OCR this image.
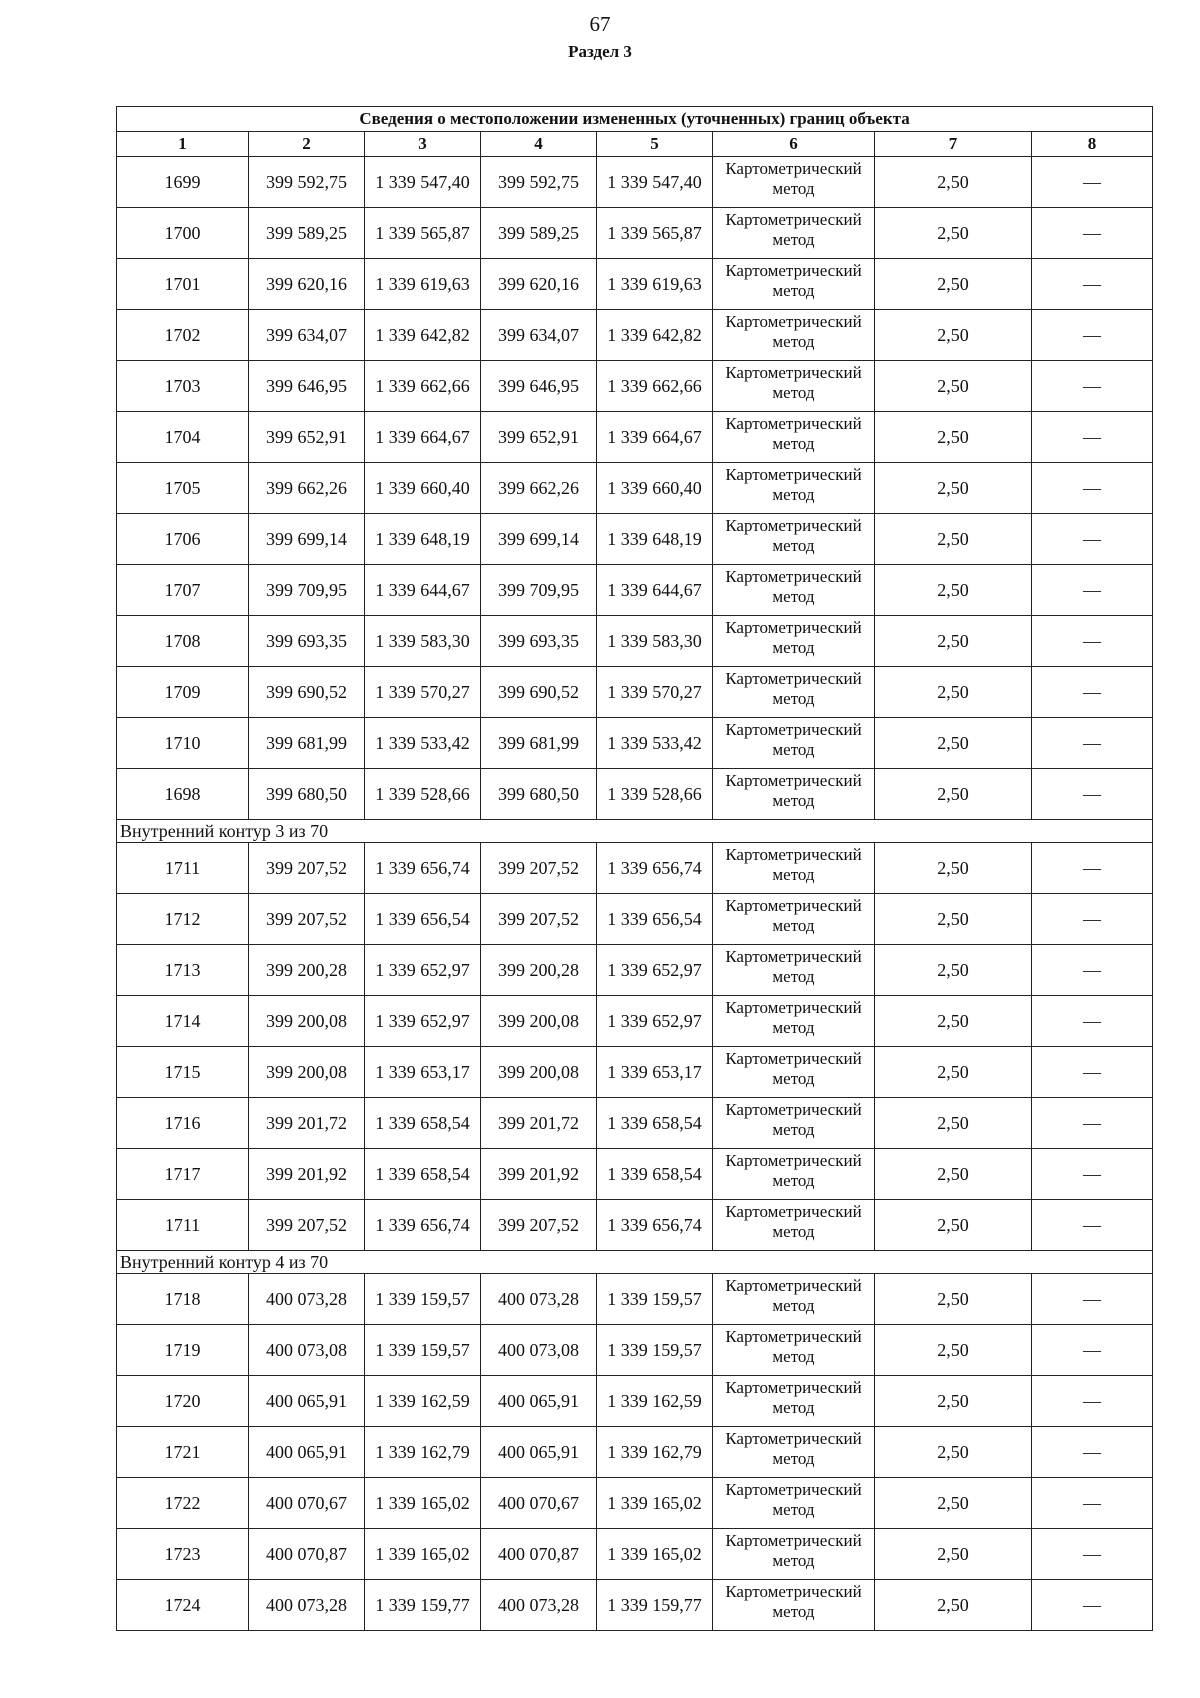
67
Раздел 3
Сведения о местоположении измененных (уточненных) границ объекта							
1	2	3	4	5	6	7	8
1699	399 592,75	1 339 547,40	399 592,75	1 339 547,40	Картометрический метод	2,50	—
1700	399 589,25	1 339 565,87	399 589,25	1 339 565,87	Картометрический метод	2,50	—
1701	399 620,16	1 339 619,63	399 620,16	1 339 619,63	Картометрический метод	2,50	—
1702	399 634,07	1 339 642,82	399 634,07	1 339 642,82	Картометрический метод	2,50	—
1703	399 646,95	1 339 662,66	399 646,95	1 339 662,66	Картометрический метод	2,50	—
1704	399 652,91	1 339 664,67	399 652,91	1 339 664,67	Картометрический метод	2,50	—
1705	399 662,26	1 339 660,40	399 662,26	1 339 660,40	Картометрический метод	2,50	—
1706	399 699,14	1 339 648,19	399 699,14	1 339 648,19	Картометрический метод	2,50	—
1707	399 709,95	1 339 644,67	399 709,95	1 339 644,67	Картометрический метод	2,50	—
1708	399 693,35	1 339 583,30	399 693,35	1 339 583,30	Картометрический метод	2,50	—
1709	399 690,52	1 339 570,27	399 690,52	1 339 570,27	Картометрический метод	2,50	—
1710	399 681,99	1 339 533,42	399 681,99	1 339 533,42	Картометрический метод	2,50	—
1698	399 680,50	1 339 528,66	399 680,50	1 339 528,66	Картометрический метод	2,50	—
Внутренний контур 3 из 70							
1711	399 207,52	1 339 656,74	399 207,52	1 339 656,74	Картометрический метод	2,50	—
1712	399 207,52	1 339 656,54	399 207,52	1 339 656,54	Картометрический метод	2,50	—
1713	399 200,28	1 339 652,97	399 200,28	1 339 652,97	Картометрический метод	2,50	—
1714	399 200,08	1 339 652,97	399 200,08	1 339 652,97	Картометрический метод	2,50	—
1715	399 200,08	1 339 653,17	399 200,08	1 339 653,17	Картометрический метод	2,50	—
1716	399 201,72	1 339 658,54	399 201,72	1 339 658,54	Картометрический метод	2,50	—
1717	399 201,92	1 339 658,54	399 201,92	1 339 658,54	Картометрический метод	2,50	—
1711	399 207,52	1 339 656,74	399 207,52	1 339 656,74	Картометрический метод	2,50	—
Внутренний контур 4 из 70							
1718	400 073,28	1 339 159,57	400 073,28	1 339 159,57	Картометрический метод	2,50	—
1719	400 073,08	1 339 159,57	400 073,08	1 339 159,57	Картометрический метод	2,50	—
1720	400 065,91	1 339 162,59	400 065,91	1 339 162,59	Картометрический метод	2,50	—
1721	400 065,91	1 339 162,79	400 065,91	1 339 162,79	Картометрический метод	2,50	—
1722	400 070,67	1 339 165,02	400 070,67	1 339 165,02	Картометрический метод	2,50	—
1723	400 070,87	1 339 165,02	400 070,87	1 339 165,02	Картометрический метод	2,50	—
1724	400 073,28	1 339 159,77	400 073,28	1 339 159,77	Картометрический метод	2,50	—
